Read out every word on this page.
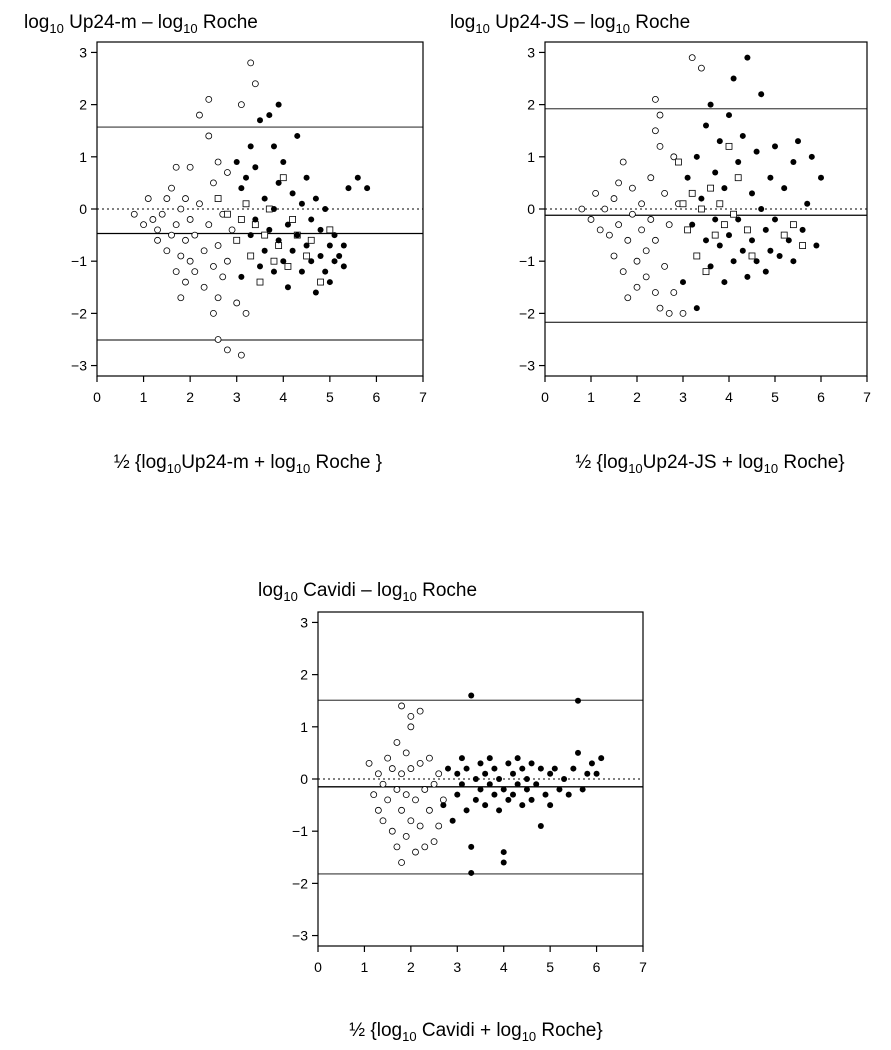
$\log_{10} Up24-m - \log_{10}$ Roche
−3
−2
−1
0
1
2
3
0	1	2	3	4	5	6	7
½ {$\log_{10}Up24-m + \log_{10}$ Roche }
$\log_{10} Up24-JS - \log_{10}$ Roche
−3
−2
−1
0
1
2
3
0	1	2	3	4	5	6	7
½ {$\log_{10}Up24-JS + \log_{10}$ Roche}
$\log_{10}$ Cavidi – $\log_{10}$ Roche
−3
−2
−1
0
1
2
3
0	1	2	3	4	5	6	7
½ {$\log_{10}$ Cavidi + $\log_{10}$ Roche}
